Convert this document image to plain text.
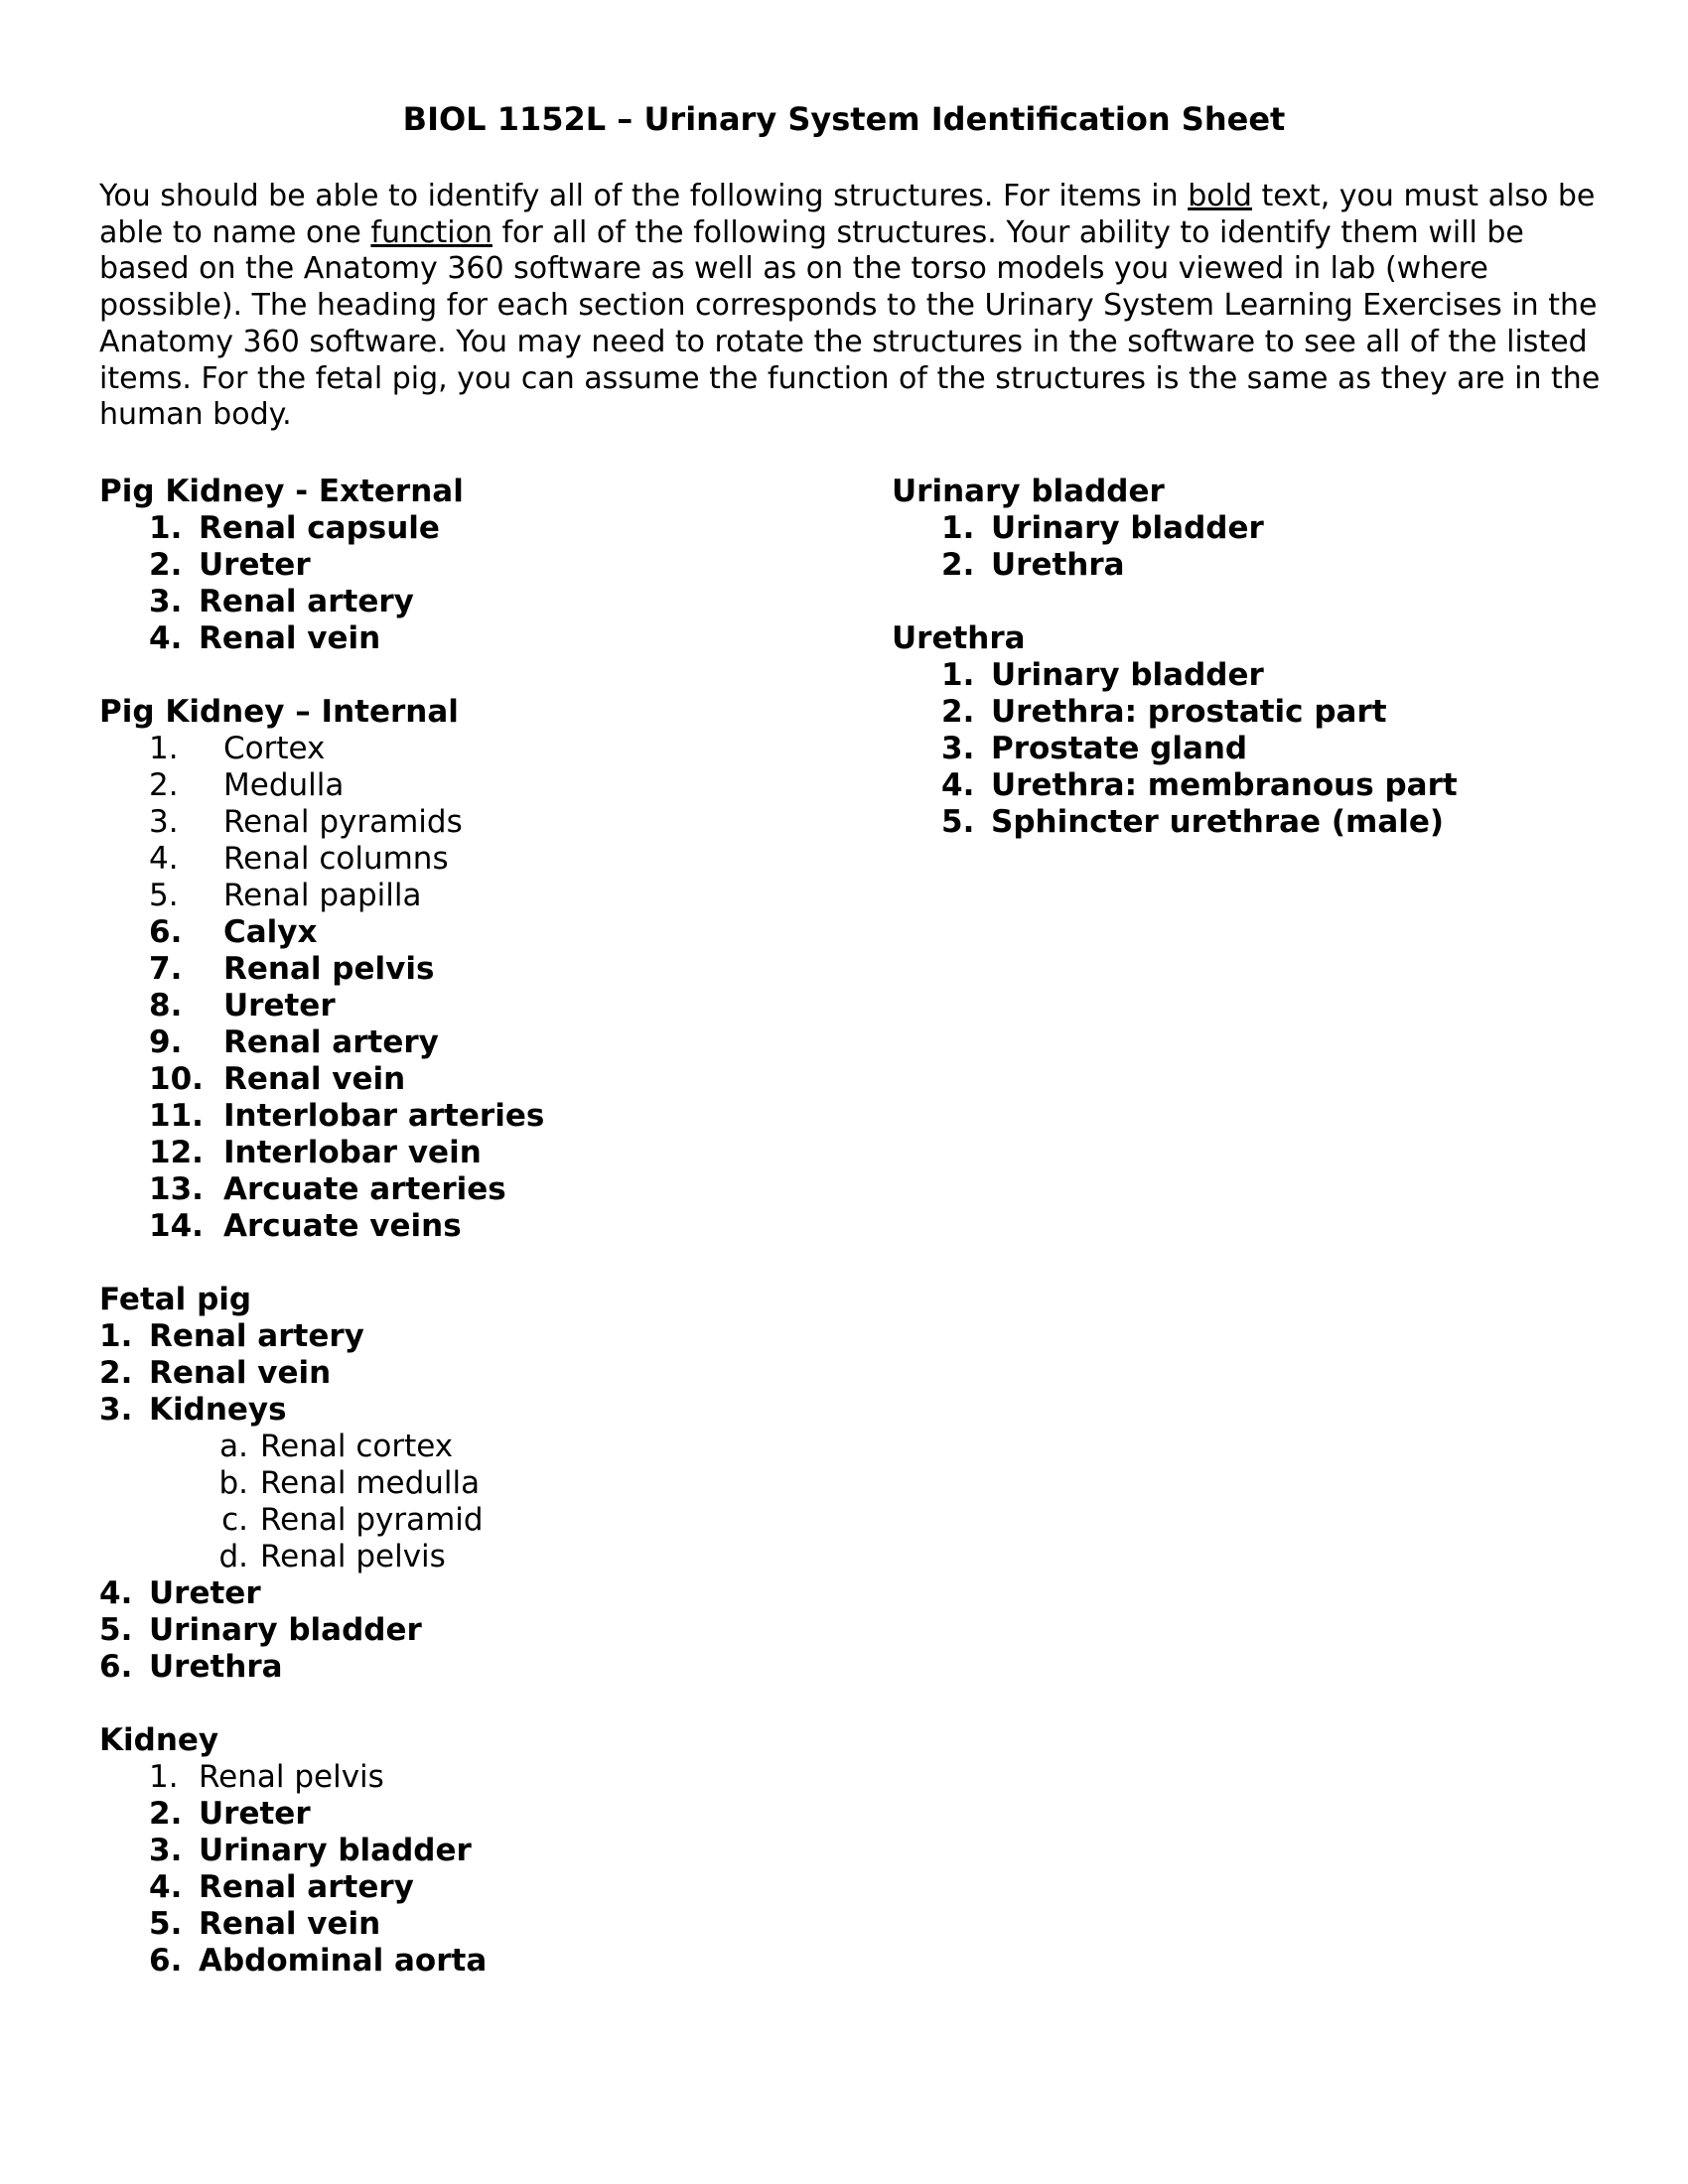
BIOL 1152L – Urinary System Identification Sheet

You should be able to identify all of the following structures. For items in bold text, you must also be able to name one function for all of the following structures. Your ability to identify them will be based on the Anatomy 360 software as well as on the torso models you viewed in lab (where possible). The heading for each section corresponds to the Urinary System Learning Exercises in the Anatomy 360 software. You may need to rotate the structures in the software to see all of the listed items. For the fetal pig, you can assume the function of the structures is the same as they are in the human body.

Pig Kidney - External
1. Renal capsule
2. Ureter
3. Renal artery
4. Renal vein
Pig Kidney – Internal
1.	Cortex
2.	Medulla
3.	Renal pyramids
4.	Renal columns
5.	Renal papilla
6.	Calyx
7.	Renal pelvis
8.	Ureter
9.	Renal artery
10. Renal vein
11. Interlobar arteries
12. Interlobar vein
13. Arcuate arteries
14. Arcuate veins
Fetal pig
1. Renal artery
2. Renal vein
3. Kidneys
a. Renal cortex
b. Renal medulla
c. Renal pyramid
d. Renal pelvis
4. Ureter
5. Urinary bladder
6. Urethra
Kidney
1. Renal pelvis
2. Ureter
3. Urinary bladder
4. Renal artery
5. Renal vein
6. Abdominal aorta
Urinary bladder
1. Urinary bladder
2. Urethra
Urethra
1. Urinary bladder
2. Urethra: prostatic part
3. Prostate gland
4. Urethra: membranous part
5. Sphincter urethrae (male)
